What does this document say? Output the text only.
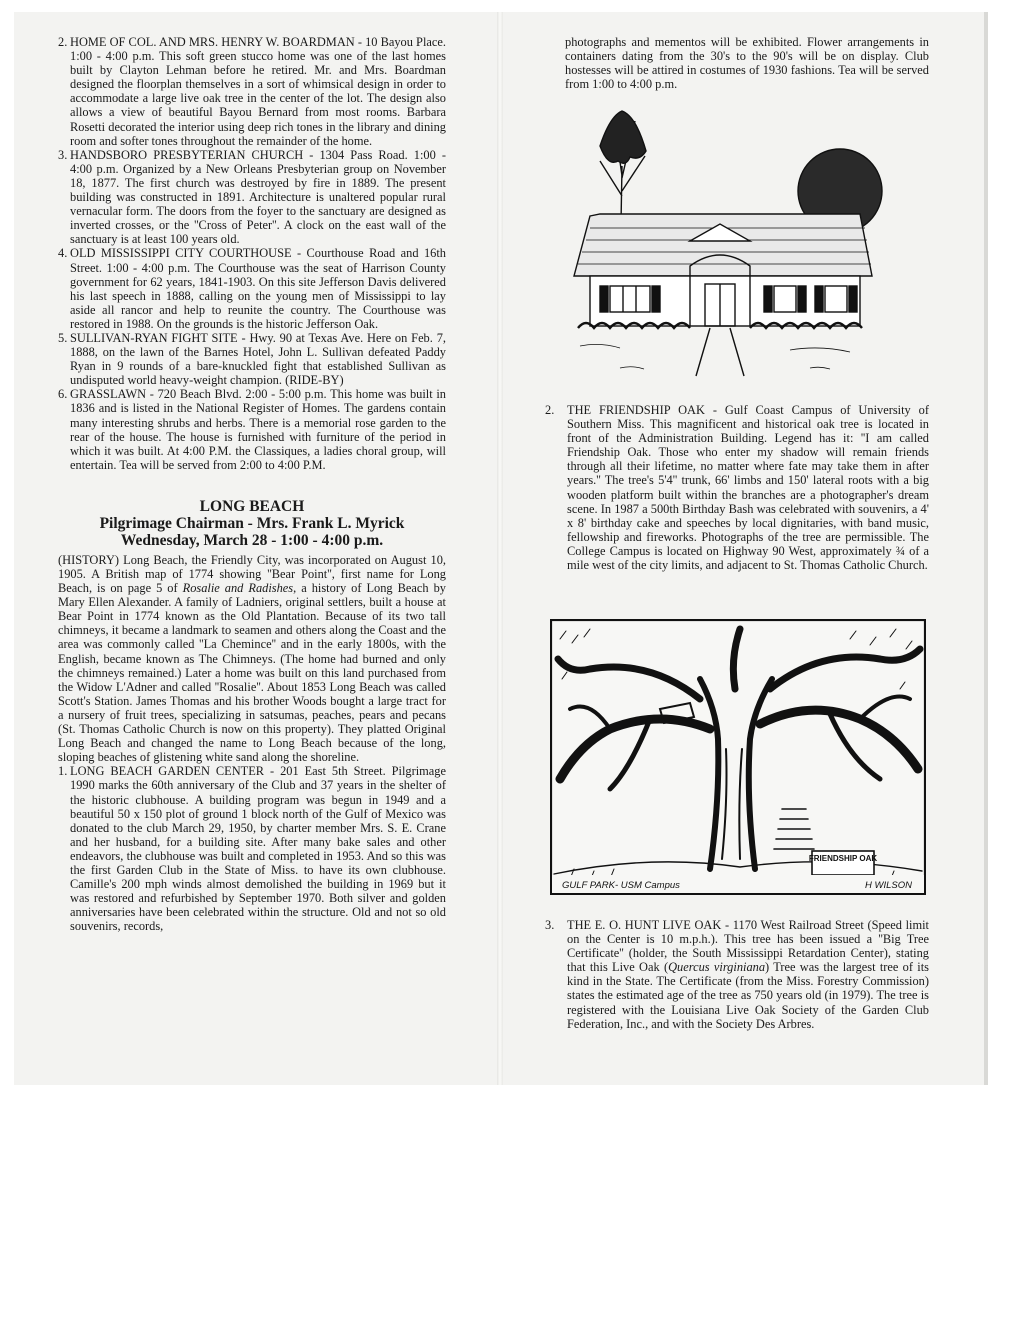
2. HOME OF COL. AND MRS. HENRY W. BOARDMAN - 10 Bayou Place. 1:00 - 4:00 p.m. This soft green stucco home was one of the last homes built by Clayton Lehman before he retired. Mr. and Mrs. Boardman designed the floorplan themselves in a sort of whimsical design in order to accommodate a large live oak tree in the center of the lot. The design also allows a view of beautiful Bayou Bernard from most rooms. Barbara Rosetti decorated the interior using deep rich tones in the library and dining room and softer tones throughout the remainder of the home.
3. HANDSBORO PRESBYTERIAN CHURCH - 1304 Pass Road. 1:00 - 4:00 p.m. Organized by a New Orleans Presbyterian group on November 18, 1877. The first church was destroyed by fire in 1889. The present building was constructed in 1891. Architecture is unaltered popular rural vernacular form. The doors from the foyer to the sanctuary are designed as inverted crosses, or the ''Cross of Peter''. A clock on the east wall of the sanctuary is at least 100 years old.
4. OLD MISSISSIPPI CITY COURTHOUSE - Courthouse Road and 16th Street. 1:00 - 4:00 p.m. The Courthouse was the seat of Harrison County government for 62 years, 1841-1903. On this site Jefferson Davis delivered his last speech in 1888, calling on the young men of Mississippi to lay aside all rancor and help to reunite the country. The Courthouse was restored in 1988. On the grounds is the historic Jefferson Oak.
5. SULLIVAN-RYAN FIGHT SITE - Hwy. 90 at Texas Ave. Here on Feb. 7, 1888, on the lawn of the Barnes Hotel, John L. Sullivan defeated Paddy Ryan in 9 rounds of a bare-knuckled fight that established Sullivan as undisputed world heavy-weight champion. (RIDE-BY)
6. GRASSLAWN - 720 Beach Blvd. 2:00 - 5:00 p.m. This home was built in 1836 and is listed in the National Register of Homes. The gardens contain many interesting shrubs and herbs. There is a memorial rose garden to the rear of the house. The house is furnished with furniture of the period in which it was built. At 4:00 P.M. the Classiques, a ladies choral group, will entertain. Tea will be served from 2:00 to 4:00 P.M.
LONG BEACH
Pilgrimage Chairman - Mrs. Frank L. Myrick
Wednesday, March 28 - 1:00 - 4:00 p.m.

(HISTORY) Long Beach, the Friendly City, was incorporated on August 10, 1905. A British map of 1774 showing ''Bear Point'', first name for Long Beach, is on page 5 of Rosalie and Radishes, a history of Long Beach by Mary Ellen Alexander. A family of Ladniers, original settlers, built a house at Bear Point in 1774 known as the Old Plantation. Because of its two tall chimneys, it became a landmark to seamen and others along the Coast and the area was commonly called ''La Chemince'' and in the early 1800s, with the English, became known as The Chimneys. (The home had burned and only the chimneys remained.) Later a home was built on this land purchased from the Widow L'Adner and called ''Rosalie''. About 1853 Long Beach was called Scott's Station. James Thomas and his brother Woods bought a large tract for a nursery of fruit trees, specializing in satsumas, peaches, pears and pecans (St. Thomas Catholic Church is now on this property). They platted Original Long Beach and changed the name to Long Beach because of the long, sloping beaches of glistening white sand along the shoreline.

1. LONG BEACH GARDEN CENTER - 201 East 5th Street. Pilgrimage 1990 marks the 60th anniversary of the Club and 37 years in the shelter of the historic clubhouse. A building program was begun in 1949 and a beautiful 50 x 150 plot of ground 1 block north of the Gulf of Mexico was donated to the club March 29, 1950, by charter member Mrs. S. E. Crane and her husband, for a building site. After many bake sales and other endeavors, the clubhouse was built and completed in 1953. And so this was the first Garden Club in the State of Miss. to have its own clubhouse. Camille's 200 mph winds almost demolished the building in 1969 but it was restored and refurbished by September 1970. Both silver and golden anniversaries have been celebrated within the structure. Old and not so old souvenirs, records,

photographs and mementos will be exhibited. Flower arrangements in containers dating from the 30's to the 90's will be on display. Club hostesses will be attired in costumes of 1930 fashions. Tea will be served from 1:00 to 4:00 p.m.

2.	THE FRIENDSHIP OAK - Gulf Coast Campus of University of Southern Miss. This magnificent and historical oak tree is located in front of the Administration Building. Legend has it: ''I am called Friendship Oak. Those who enter my shadow will remain friends through all their lifetime, no matter where fate may take them in after years.'' The tree's 5'4'' trunk, 66' limbs and 150' lateral roots with a big wooden platform built within the branches are a photographer's dream scene. In 1987 a 500th Birthday Bash was celebrated with souvenirs, a 4' x 8' birthday cake and speeches by local dignitaries, with band music, fellowship and fireworks. Photographs of the tree are permissible. The College Campus is located on Highway 90 West, approximately ¾ of a mile west of the city limits, and adjacent to St. Thomas Catholic Church.
FRIENDSHIP OAK
GULF PARK- USM Campus	H WILSON
3.	THE E. O. HUNT LIVE OAK - 1170 West Railroad Street (Speed limit on the Center is 10 m.p.h.). This tree has been issued a ''Big Tree Certificate'' (holder, the South Mississippi Retardation Center), stating that this Live Oak (Quercus virginiana) Tree was the largest tree of its kind in the State. The Certificate (from the Miss. Forestry Commission) states the estimated age of the tree as 750 years old (in 1979). The tree is registered with the Louisiana Live Oak Society of the Garden Club Federation, Inc., and with the Society Des Arbres.
